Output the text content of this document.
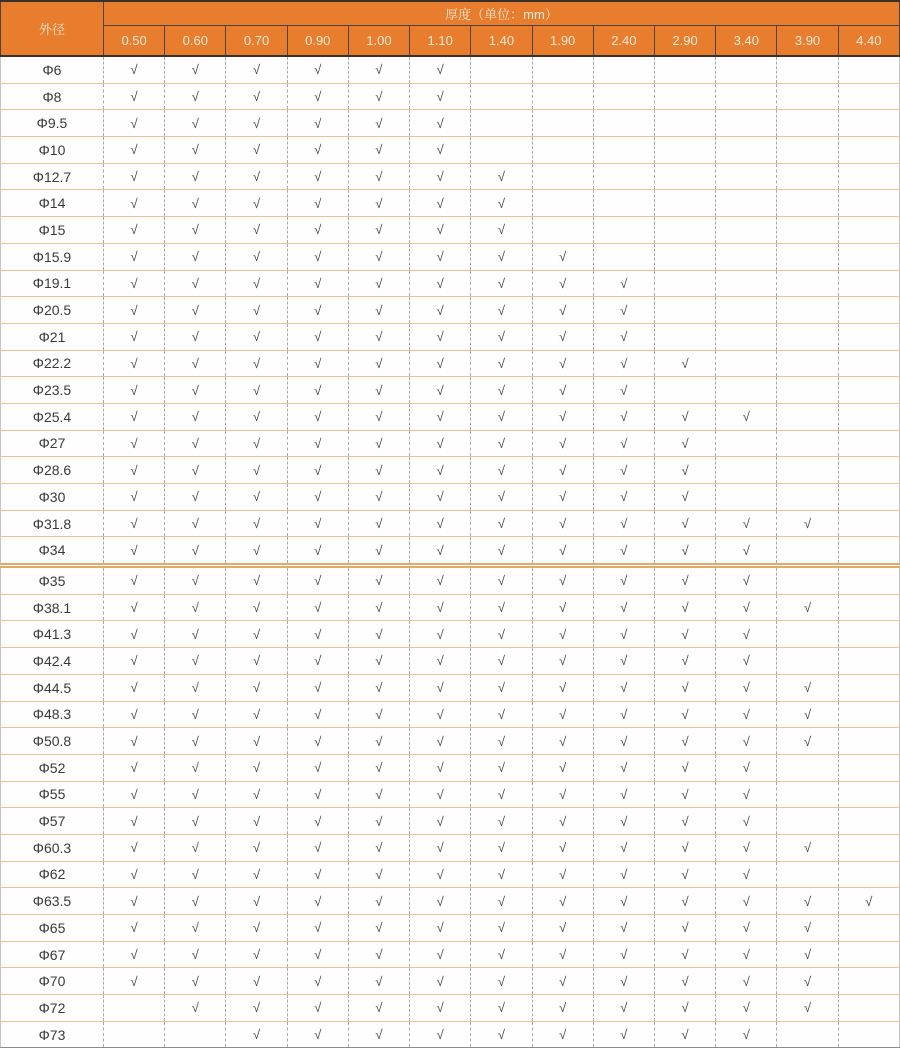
外径	厚度（单位：mm）												
	0.50	0.60	0.70	0.90	1.00	1.10	1.40	1.90	2.40	2.90	3.40	3.90	4.40
Φ6	√	√	√	√	√	√							
Φ8	√	√	√	√	√	√							
Φ9.5	√	√	√	√	√	√							
Φ10	√	√	√	√	√	√							
Φ12.7	√	√	√	√	√	√	√						
Φ14	√	√	√	√	√	√	√						
Φ15	√	√	√	√	√	√	√						
Φ15.9	√	√	√	√	√	√	√	√					
Φ19.1	√	√	√	√	√	√	√	√	√				
Φ20.5	√	√	√	√	√	√	√	√	√				
Φ21	√	√	√	√	√	√	√	√	√				
Φ22.2	√	√	√	√	√	√	√	√	√	√			
Φ23.5	√	√	√	√	√	√	√	√	√				
Φ25.4	√	√	√	√	√	√	√	√	√	√	√		
Φ27	√	√	√	√	√	√	√	√	√	√			
Φ28.6	√	√	√	√	√	√	√	√	√	√			
Φ30	√	√	√	√	√	√	√	√	√	√			
Φ31.8	√	√	√	√	√	√	√	√	√	√	√	√	
Φ34	√	√	√	√	√	√	√	√	√	√	√		
Φ35	√	√	√	√	√	√	√	√	√	√	√		
Φ38.1	√	√	√	√	√	√	√	√	√	√	√	√	
Φ41.3	√	√	√	√	√	√	√	√	√	√	√		
Φ42.4	√	√	√	√	√	√	√	√	√	√	√		
Φ44.5	√	√	√	√	√	√	√	√	√	√	√	√	
Φ48.3	√	√	√	√	√	√	√	√	√	√	√	√	
Φ50.8	√	√	√	√	√	√	√	√	√	√	√	√	
Φ52	√	√	√	√	√	√	√	√	√	√	√		
Φ55	√	√	√	√	√	√	√	√	√	√	√		
Φ57	√	√	√	√	√	√	√	√	√	√	√		
Φ60.3	√	√	√	√	√	√	√	√	√	√	√	√	
Φ62	√	√	√	√	√	√	√	√	√	√	√		
Φ63.5	√	√	√	√	√	√	√	√	√	√	√	√	√
Φ65	√	√	√	√	√	√	√	√	√	√	√	√	
Φ67	√	√	√	√	√	√	√	√	√	√	√	√	
Φ70	√	√	√	√	√	√	√	√	√	√	√	√	
Φ72		√	√	√	√	√	√	√	√	√	√	√	
Φ73			√	√	√	√	√	√	√	√	√		
